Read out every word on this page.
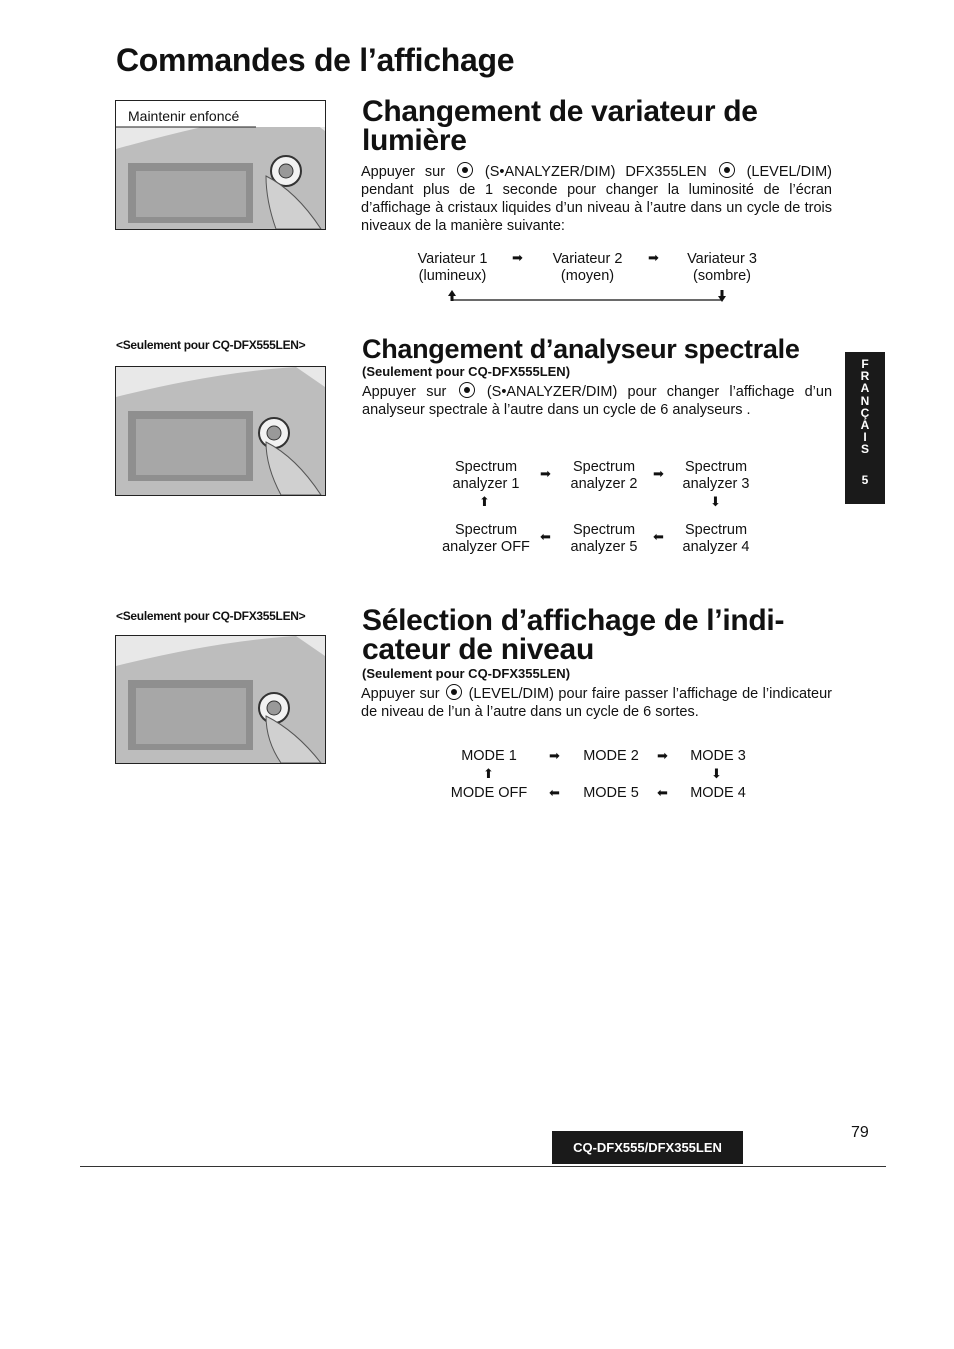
Commandes de l’affichage
Maintenir enfoncé	Changement de variateur de lumière
Appuyer sur	(S•ANALYZER/DIM) DFX355LEN	(LEVEL/DIM) pendant plus de 1 seconde pour changer la luminosité de l’écran d’affichage à cristaux liquides d’un niveau à l’autre dans un cycle de trois niveaux de la manière suivante:
Variateur 1
(lumineux)
➡	Variateur 2
(moyen)
➡	Variateur 3
(sombre)
<Seulement pour CQ-DFX555LEN> Changement d’analyseur spectrale
(Seulement pour CQ-DFX555LEN)
Appuyer sur	(S•ANALYZER/DIM) pour changer l’affichage d’un analyseur spectrale à l’autre dans un cycle de 6 analyseurs .
Spectrum analyzer 1
➡	Spectrum analyzer 2
➡	Spectrum analyzer 3
⬆	⬇
Spectrum analyzer OFF
⬅	Spectrum analyzer 5
⬅	Spectrum analyzer 4
<Seulement pour CQ-DFX355LEN> Sélection d’affichage de l’indi-
cateur de niveau
(Seulement pour CQ-DFX355LEN)
Appuyer sur (LEVEL/DIM) pour faire passer l’affichage de l’indicateur de niveau de l’un à l’autre dans un cycle de 6 sortes.
MODE 1	➡	MODE 2	➡	MODE 3
⬆	⬇
MODE OFF	⬅	MODE 5	⬅	MODE 4
F
R
A
N
Ç
A
I
S
5
CQ-DFX555/DFX355LEN
79
